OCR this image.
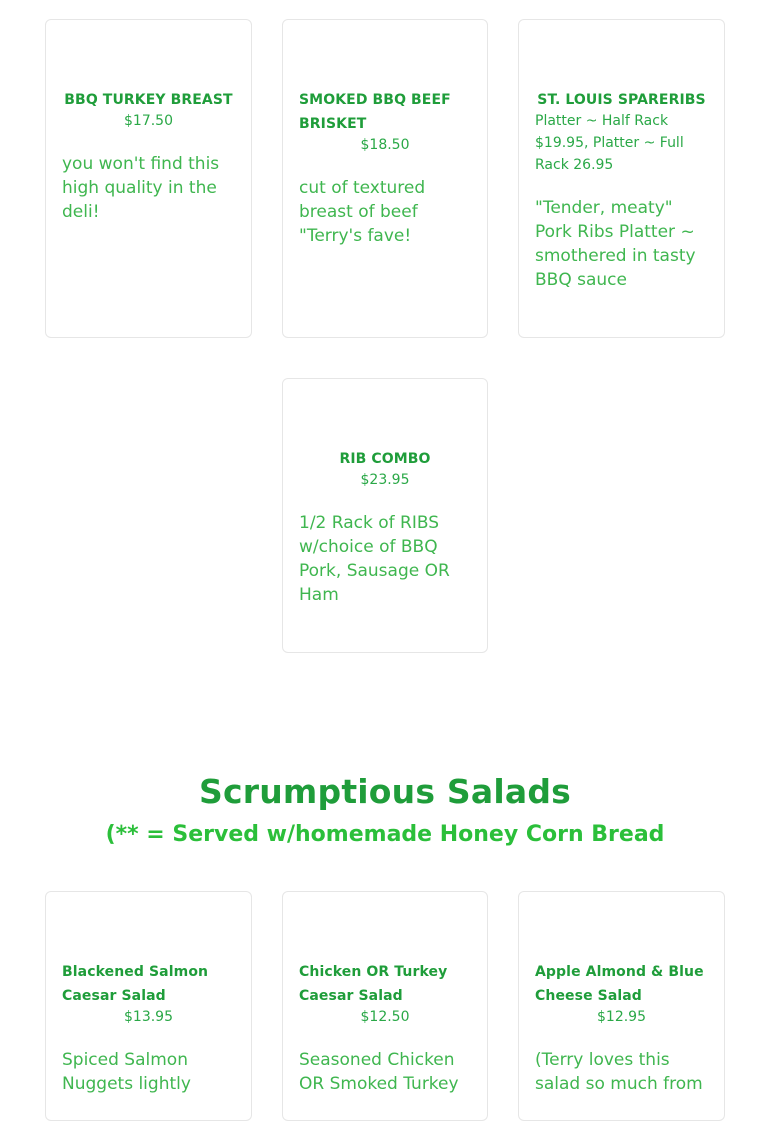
BBQ TURKEY BREAST
$17.50
you won't find this high quality in the deli!
SMOKED BBQ BEEF BRISKET
$18.50
cut of textured breast of beef "Terry's fave!
ST. LOUIS SPARERIBS
Platter ~ Half Rack $19.95, Platter ~ Full Rack 26.95
"Tender, meaty" Pork Ribs Platter ~ smothered in tasty BBQ sauce
RIB COMBO
$23.95
1/2 Rack of RIBS w/choice of BBQ Pork, Sausage OR Ham
Scrumptious Salads
(** = Served w/homemade Honey Corn Bread
Blackened Salmon Caesar Salad
$13.95
Spiced Salmon Nuggets lightly
Chicken OR Turkey Caesar Salad
$12.50
Seasoned Chicken OR Smoked Turkey
Apple Almond & Blue Cheese Salad
$12.95
(Terry loves this salad so much from
